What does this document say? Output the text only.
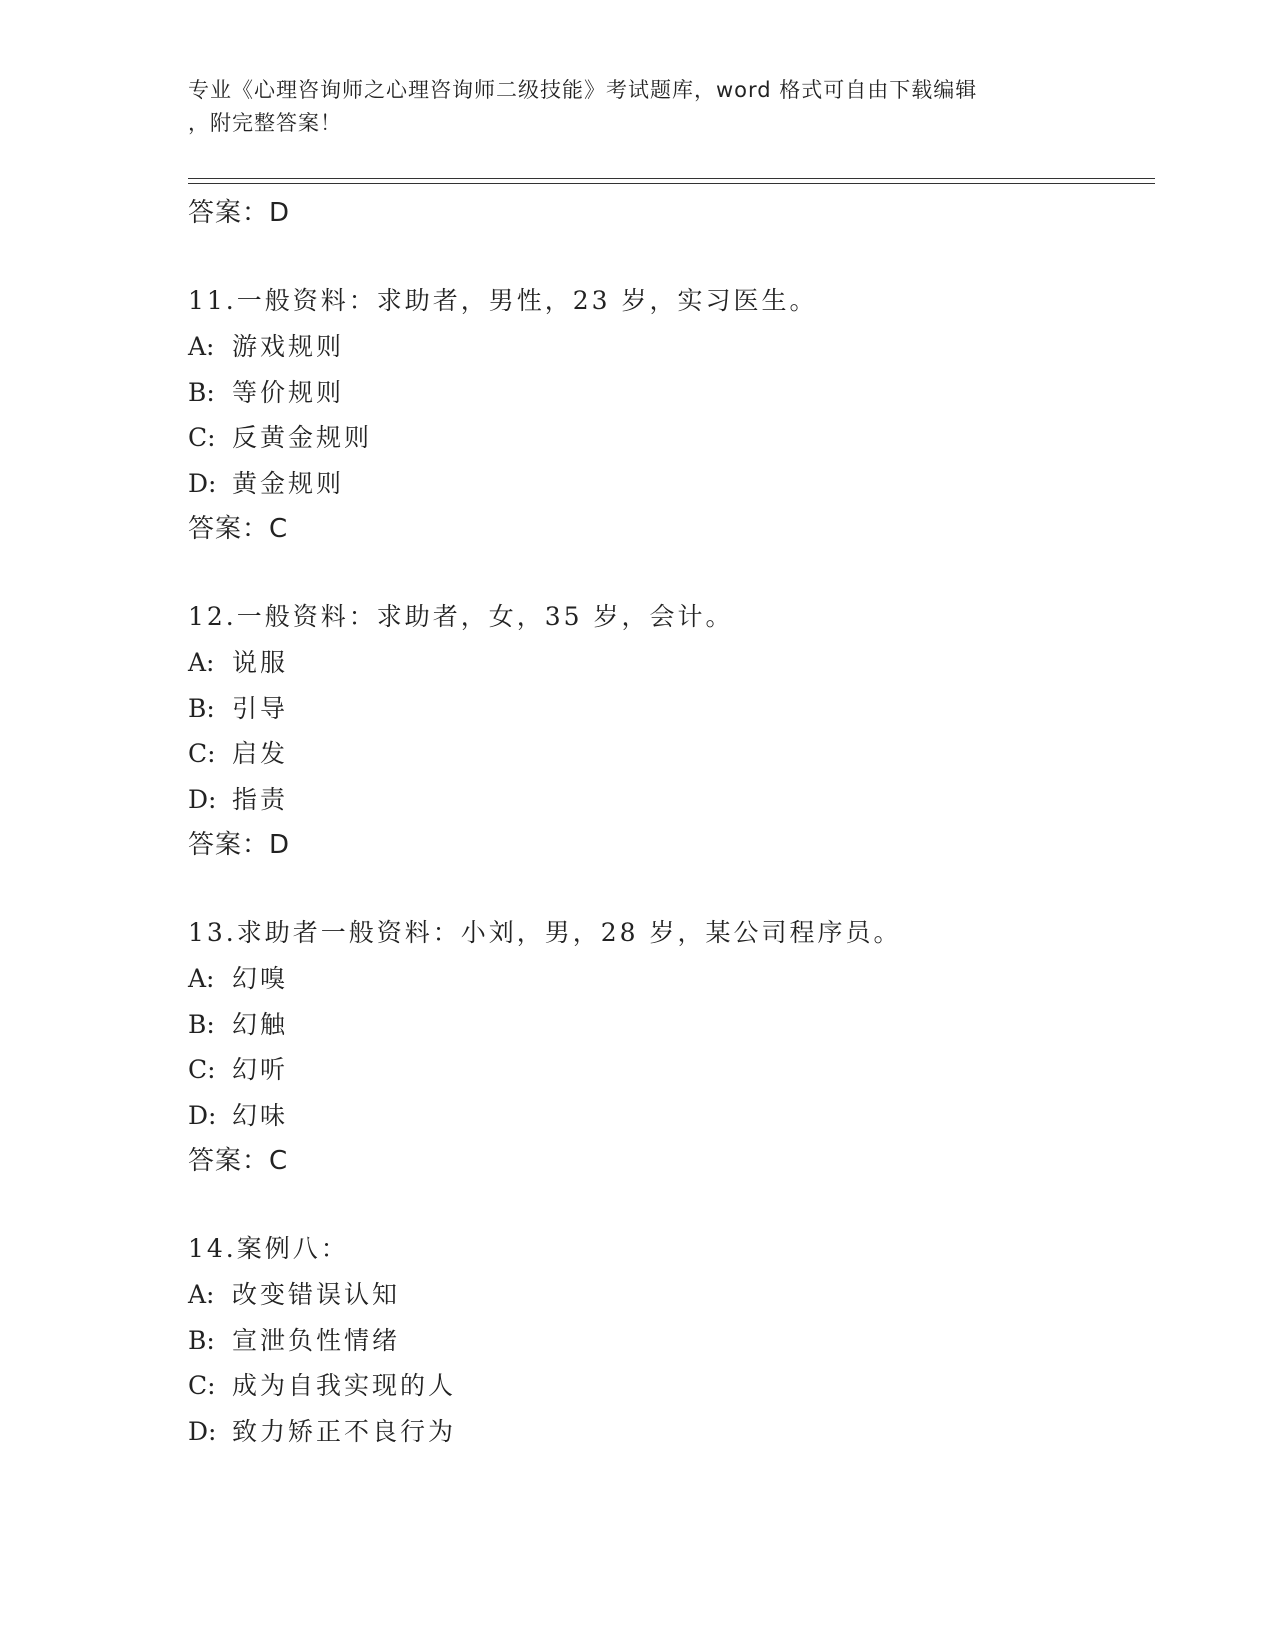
专业《心理咨询师之心理咨询师二级技能》考试题库，word 格式可自由下载编辑
，附完整答案！
答案：D
11.一般资料：求助者，男性，23 岁，实习医生。
A: 游戏规则
B: 等价规则
C: 反黄金规则
D: 黄金规则
答案：C
12.一般资料：求助者，女，35 岁，会计。
A: 说服
B: 引导
C: 启发
D: 指责
答案：D
13.求助者一般资料：小刘，男，28 岁，某公司程序员。
A: 幻嗅
B: 幻触
C: 幻听
D: 幻味
答案：C
14.案例八：
A: 改变错误认知
B: 宣泄负性情绪
C: 成为自我实现的人
D: 致力矫正不良行为
